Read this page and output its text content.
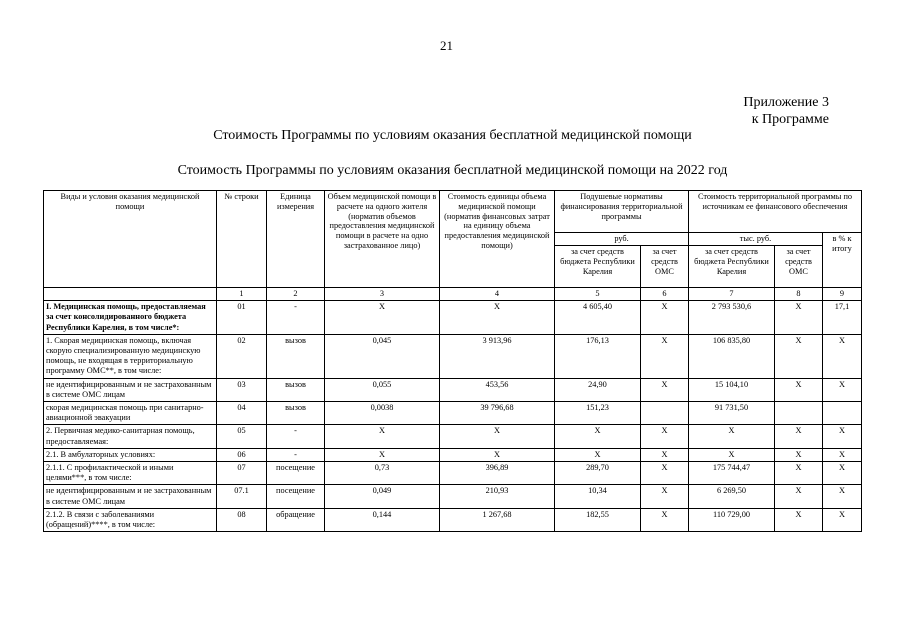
21
Приложение 3
к Программе
Стоимость Программы по условиям оказания бесплатной медицинской помощи
Стоимость Программы по условиям оказания бесплатной медицинской помощи на 2022 год
Виды и условия оказания медицинской помощи	№ строки	Единица измерения	Объем медицинской помощи в расчете на одного жителя (норматив объемов предоставления медицинской помощи в расчете на одно застрахованное лицо)	Стоимость единицы объема медицинской помощи (норматив финансовых затрат на единицу объема предоставления медицинской помощи)	Подушевые нормативы финансирования территориальной программы		Стоимость территориальной программы по источникам ее финансового обеспечения		
					руб.		тыс. руб.		в % к итогу
					за счет средств бюджета Республики Карелия	за счет средств ОМС	за счет средств бюджета Республики Карелия	за счет средств ОМС	
	1	2	3	4	5	6	7	8	9
I. Медицинская помощь, предоставляемая за счет консолидированного бюджета Республики Карелия, в том числе*:	01	-	Х	Х	4 605,40	Х	2 793 530,6	Х	17,1
1. Скорая медицинская помощь, включая скорую специализированную медицинскую помощь, не входящая в территориальную программу ОМС**, в том числе:	02	вызов	0,045	3 913,96	176,13	Х	106 835,80	Х	Х
не идентифицированным и не застрахованным в системе ОМС лицам	03	вызов	0,055	453,56	24,90	Х	15 104,10	Х	Х
скорая медицинская помощь при санитарно-авиационной эвакуации	04	вызов	0,0038	39 796,68	151,23		91 731,50		
2. Первичная медико-санитарная помощь, предоставляемая:	05	-	Х	Х	Х	Х	Х	Х	Х
2.1. В амбулаторных условиях:	06	-	Х	Х	Х	Х	Х	Х	Х
2.1.1. С профилактической и иными целями***, в том числе:	07	посещение	0,73	396,89	289,70	Х	175 744,47	Х	Х
не идентифицированным и не застрахованным в системе ОМС лицам	07.1	посещение	0,049	210,93	10,34	Х	6 269,50	Х	Х
2.1.2. В связи с заболеваниями (обращений)****, в том числе:	08	обращение	0,144	1 267,68	182,55	Х	110 729,00	Х	Х
